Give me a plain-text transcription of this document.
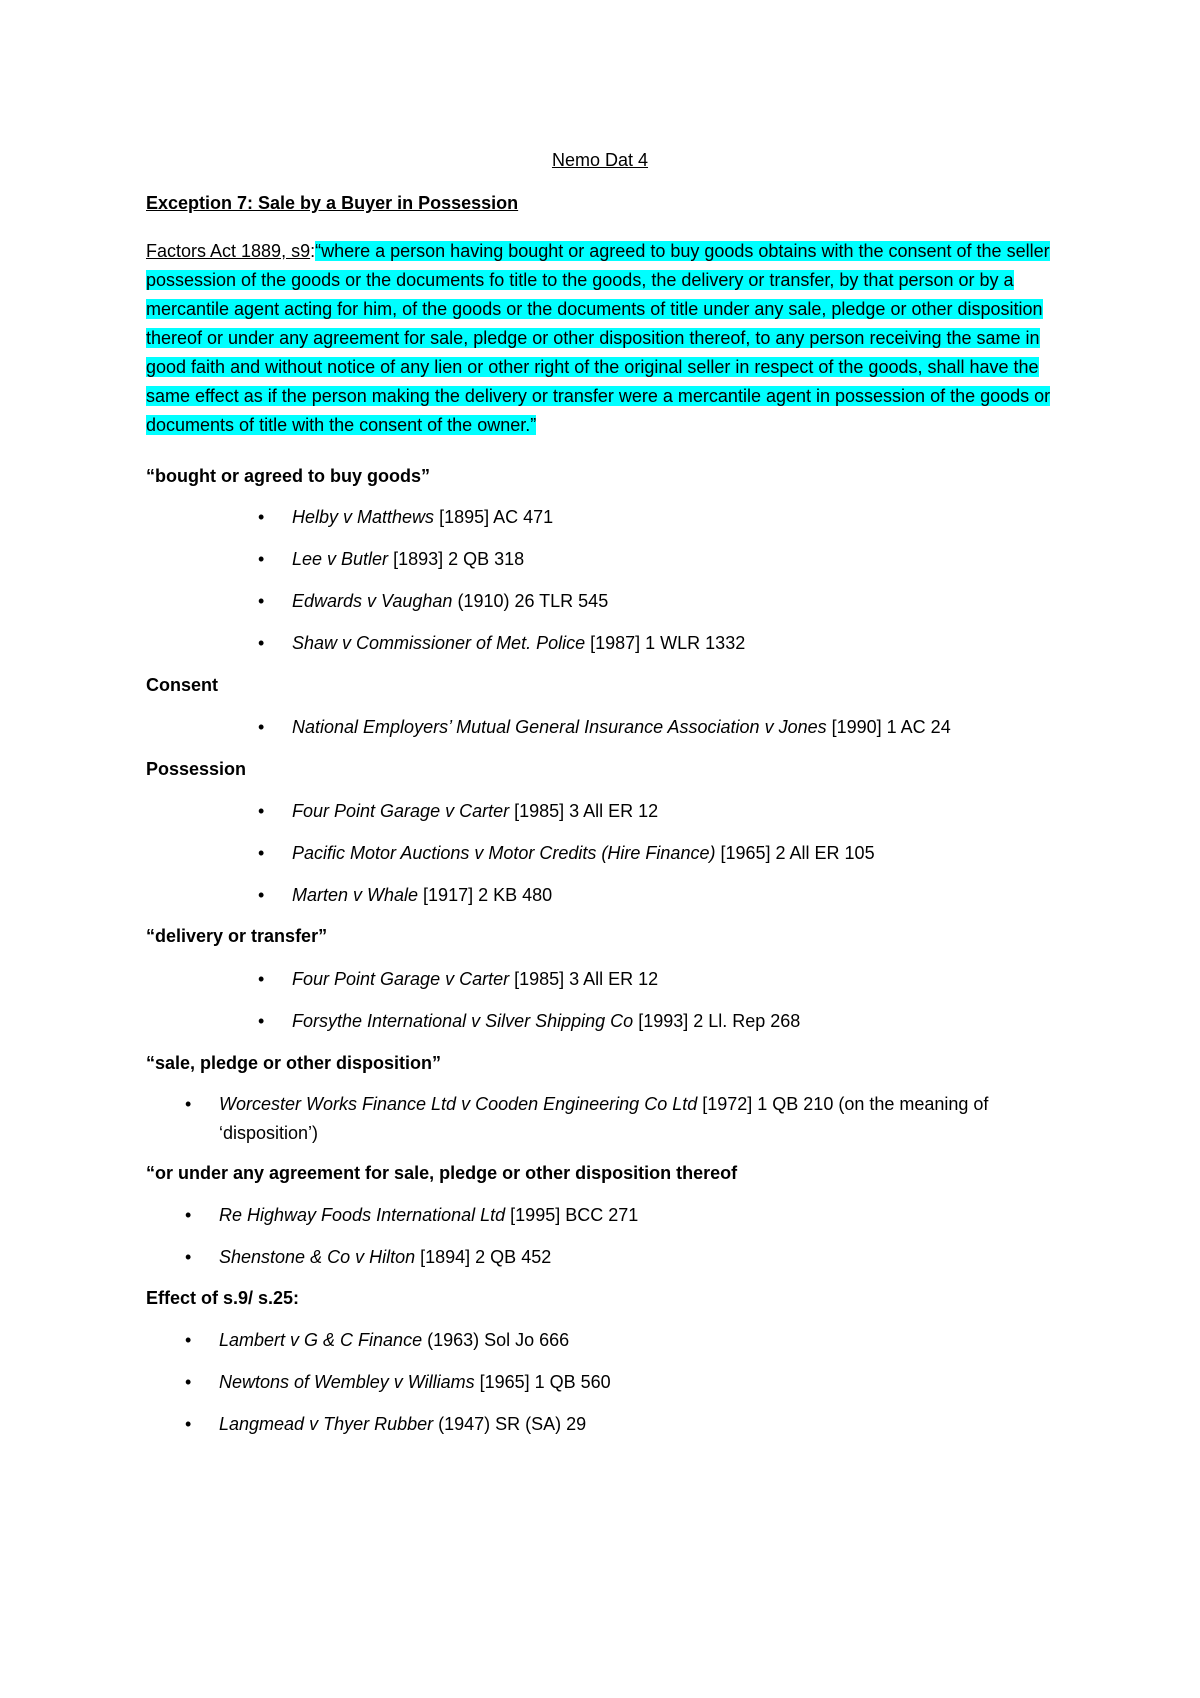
Nemo Dat 4
Exception 7: Sale by a Buyer in Possession
Factors Act 1889, s9:“where a person having bought or agreed to buy goods obtains with the consent of the seller possession of the goods or the documents fo title to the goods, the delivery or transfer, by that person or by a mercantile agent acting for him, of the goods or the documents of title under any sale, pledge or other disposition thereof or under any agreement for sale, pledge or other disposition thereof, to any person receiving the same in good faith and without notice of any lien or other right of the original seller in respect of the goods, shall have the same effect as if the person making the delivery or transfer were a mercantile agent in possession of the goods or documents of title with the consent of the owner.”
“bought or agreed to buy goods”
• Helby v Matthews [1895] AC 471
• Lee v Butler [1893] 2 QB 318
• Edwards v Vaughan (1910) 26 TLR 545
• Shaw v Commissioner of Met. Police [1987] 1 WLR 1332
Consent
• National Employers’ Mutual General Insurance Association v Jones [1990] 1 AC 24
Possession
• Four Point Garage v Carter [1985] 3 All ER 12
• Pacific Motor Auctions v Motor Credits (Hire Finance) [1965] 2 All ER 105
• Marten v Whale [1917] 2 KB 480
“delivery or transfer”
• Four Point Garage v Carter [1985] 3 All ER 12
• Forsythe International v Silver Shipping Co [1993] 2 Ll. Rep 268
“sale, pledge or other disposition”
• Worcester Works Finance Ltd v Cooden Engineering Co Ltd [1972] 1 QB 210 (on the meaning of ‘disposition’)
“or under any agreement for sale, pledge or other disposition thereof
• Re Highway Foods International Ltd [1995] BCC 271
• Shenstone & Co v Hilton [1894] 2 QB 452
Effect of s.9/ s.25:
• Lambert v G & C Finance (1963) Sol Jo 666
• Newtons of Wembley v Williams [1965] 1 QB 560
• Langmead v Thyer Rubber (1947) SR (SA) 29
